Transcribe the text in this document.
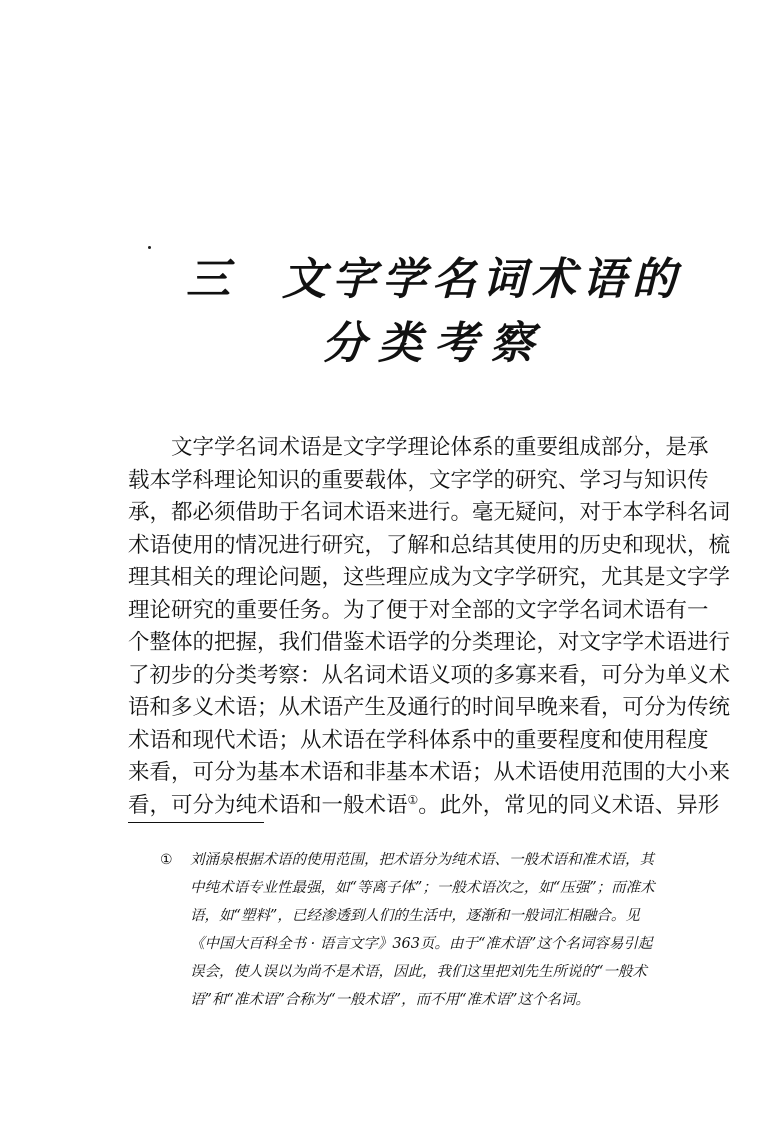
三 文字学名词术语的
分类考察
文字学名词术语是文字学理论体系的重要组成部分，是承
载本学科理论知识的重要载体，文字学的研究、学习与知识传
承，都必须借助于名词术语来进行。毫无疑问，对于本学科名词
术语使用的情况进行研究，了解和总结其使用的历史和现状，梳
理其相关的理论问题，这些理应成为文字学研究，尤其是文字学
理论研究的重要任务。为了便于对全部的文字学名词术语有一
个整体的把握，我们借鉴术语学的分类理论，对文字学术语进行
了初步的分类考察：从名词术语义项的多寡来看，可分为单义术
语和多义术语；从术语产生及通行的时间早晚来看，可分为传统
术语和现代术语；从术语在学科体系中的重要程度和使用程度
来看，可分为基本术语和非基本术语；从术语使用范围的大小来
看，可分为纯术语和一般术语①。此外，常见的同义术语、异形
① 刘涌泉根据术语的使用范围，把术语分为纯术语、一般术语和准术语，其
中纯术语专业性最强，如“等离子体”；一般术语次之，如“压强”；而准术
语，如“塑料”，已经渗透到人们的生活中，逐渐和一般词汇相融合。见
《中国大百科全书 · 语言文字》363页。由于“准术语”这个名词容易引起
误会，使人误以为尚不是术语，因此，我们这里把刘先生所说的“一般术
语”和“准术语”合称为“一般术语”，而不用“准术语”这个名词。
